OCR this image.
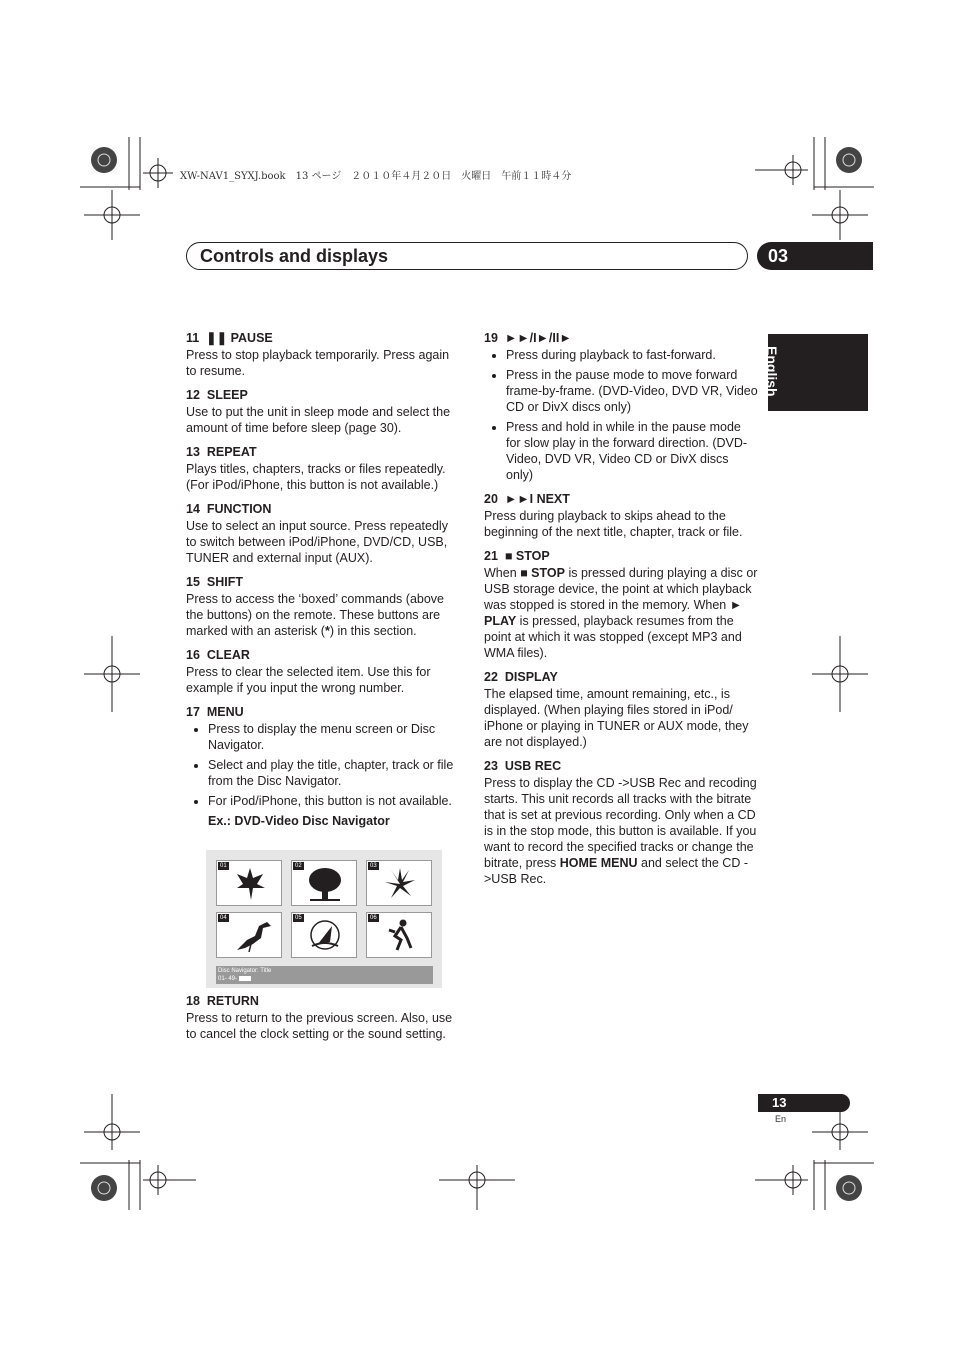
XW-NAV1_SYXJ.book　13 ページ　２０１０年４月２０日　火曜日　午前１１時４分
Controls and displays	03
English
11 ❚❚ PAUSE
Press to stop playback temporarily. Press again to resume.
12 SLEEP
Use to put the unit in sleep mode and select the amount of time before sleep (page 30).
13 REPEAT
Plays titles, chapters, tracks or files repeatedly. (For iPod/iPhone, this button is not available.)
14 FUNCTION
Use to select an input source. Press repeatedly to switch between iPod/iPhone, DVD/CD, USB, TUNER and external input (AUX).
15 SHIFT
Press to access the ‘boxed’ commands (above the buttons) on the remote. These buttons are marked with an asterisk (*) in this section.
16 CLEAR
Press to clear the selected item. Use this for example if you input the wrong number.
17 MENU
• Press to display the menu screen or Disc Navigator.
• Select and play the title, chapter, track or file from the Disc Navigator.
• For iPod/iPhone, this button is not available.
Ex.: DVD-Video Disc Navigator
01	02	03
04	05	06
Disc Navigator: Title
01- 49-
18 RETURN
Press to return to the previous screen. Also, use to cancel the clock setting or the sound setting.
19 ►►/I►/II►
• Press during playback to fast-forward.
• Press in the pause mode to move forward frame-by-frame. (DVD-Video, DVD VR, Video CD or DivX discs only)
• Press and hold in while in the pause mode for slow play in the forward direction. (DVD-Video, DVD VR, Video CD or DivX discs only)
20 ►►I NEXT
Press during playback to skips ahead to the beginning of the next title, chapter, track or file.
21 ■ STOP
When ■ STOP is pressed during playing a disc or USB storage device, the point at which playback was stopped is stored in the memory. When ► PLAY is pressed, playback resumes from the point at which it was stopped (except MP3 and WMA files).
22 DISPLAY
The elapsed time, amount remaining, etc., is displayed. (When playing files stored in iPod/ iPhone or playing in TUNER or AUX mode, they are not displayed.)
23 USB REC
Press to display the CD ->USB Rec and recoding starts. This unit records all tracks with the bitrate that is set at previous recording. Only when a CD is in the stop mode, this button is available. If you want to record the specified tracks or change the bitrate, press HOME MENU and select the CD ->USB Rec.
13
En
